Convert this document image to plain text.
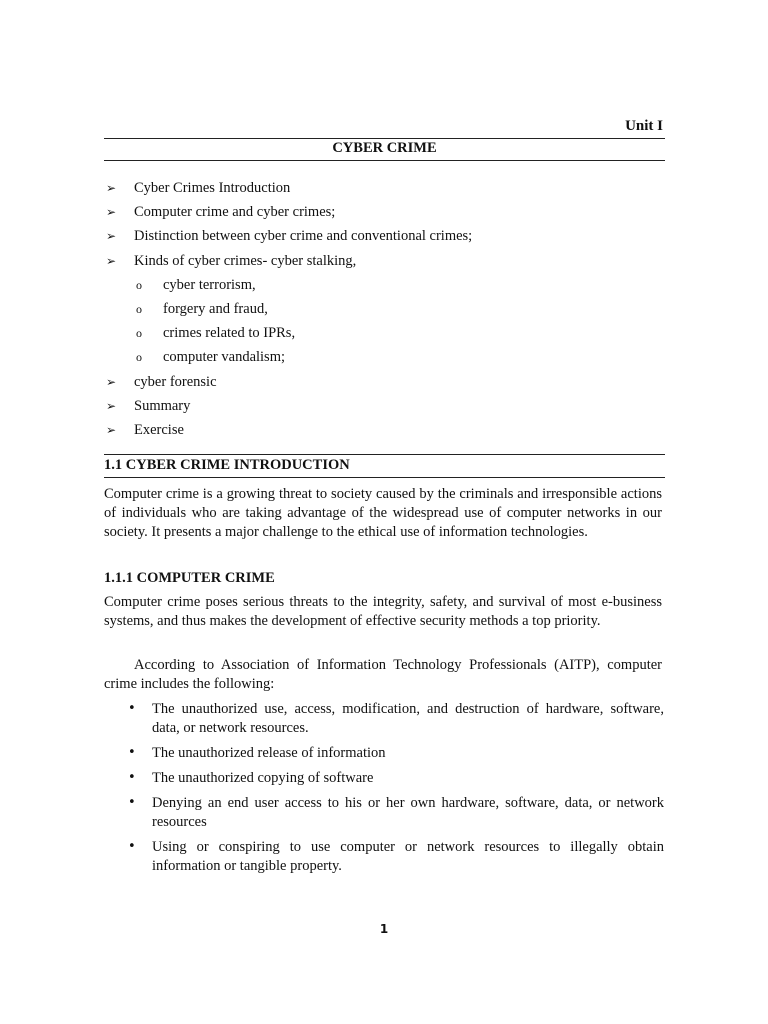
Unit I
CYBER CRIME
➢ Cyber Crimes Introduction
➢ Computer crime and cyber crimes;
➢ Distinction between cyber crime and conventional crimes;
➢ Kinds of cyber crimes- cyber stalking,
o cyber terrorism,
o forgery and fraud,
o crimes related to IPRs,
o computer vandalism;
➢ cyber forensic
➢ Summary
➢ Exercise
1.1 CYBER CRIME INTRODUCTION

Computer crime is a growing threat to society caused by the criminals and irresponsible actions of individuals who are taking advantage of the widespread use of computer networks in our society. It presents a major challenge to the ethical use of information technologies.

1.1.1 COMPUTER CRIME

Computer crime poses serious threats to the integrity, safety, and survival of most e-business systems, and thus makes the development of effective security methods a top priority.

According to Association of Information Technology Professionals (AITP), computer crime includes the following:

• The unauthorized use, access, modification, and destruction of hardware, software, data, or network resources.
• The unauthorized release of information
• The unauthorized copying of software
• Denying an end user access to his or her own hardware, software, data, or network resources
• Using or conspiring to use computer or network resources to illegally obtain information or tangible property.
1
